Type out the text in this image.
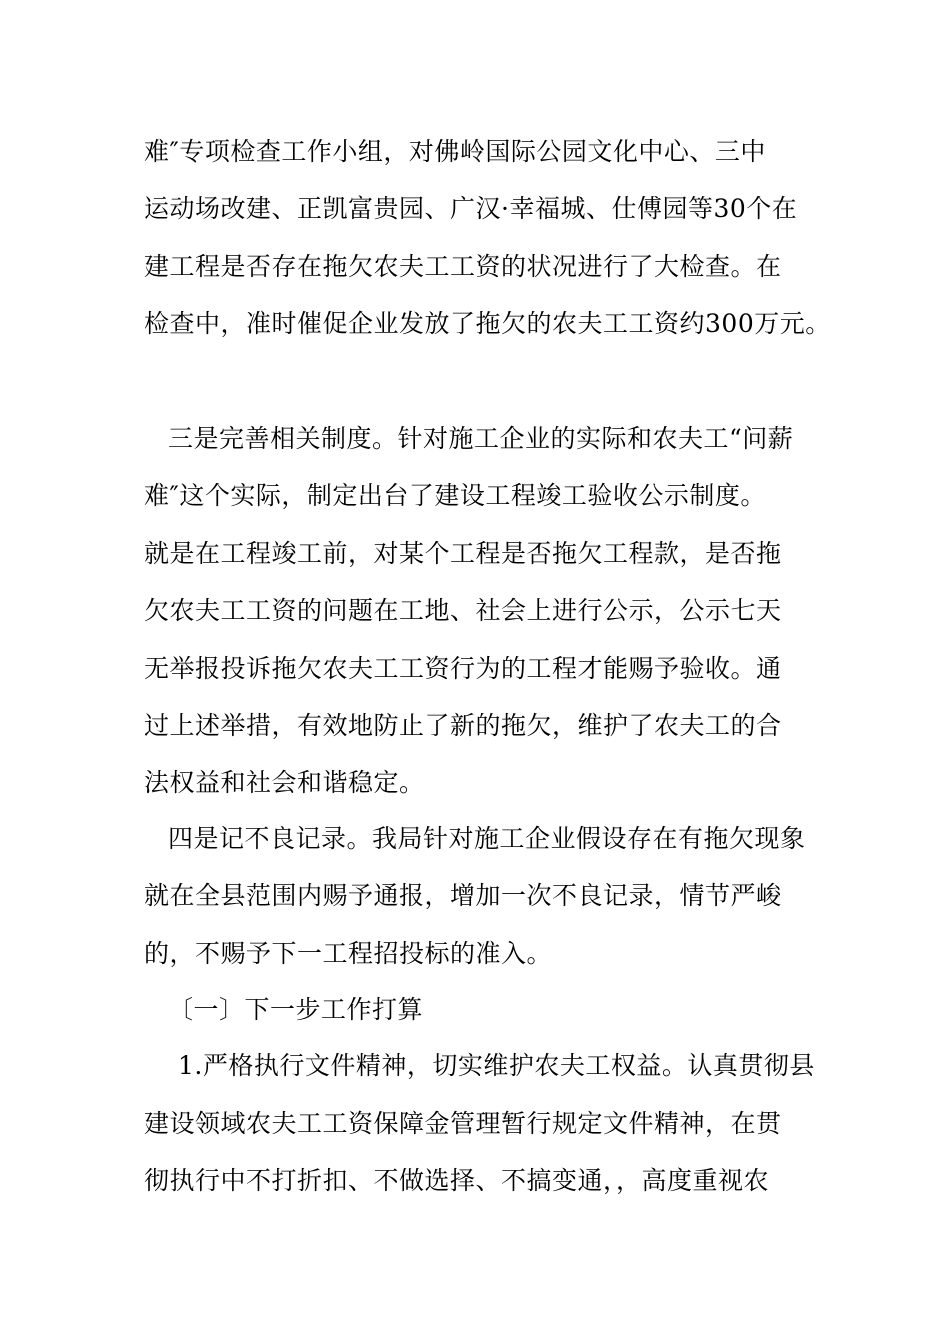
难″专项检查工作小组，对佛岭国际公园文化中心、三中
运动场改建、正凯富贵园、广汉·幸福城、仕傅园等30个在
建工程是否存在拖欠农夫工工资的状况进行了大检查。在
检查中，准时催促企业发放了拖欠的农夫工工资约300万元。
三是完善相关制度。针对施工企业的实际和农夫工“问薪
难″这个实际，制定出台了建设工程竣工验收公示制度。
就是在工程竣工前，对某个工程是否拖欠工程款，是否拖
欠农夫工工资的问题在工地、社会上进行公示，公示七天
无举报投诉拖欠农夫工工资行为的工程才能赐予验收。通
过上述举措，有效地防止了新的拖欠，维护了农夫工的合
法权益和社会和谐稳定。
四是记不良记录。我局针对施工企业假设存在有拖欠现象
就在全县范围内赐予通报，增加一次不良记录，情节严峻
的，不赐予下一工程招投标的准入。
〔一〕下一步工作打算
1.严格执行文件精神，切实维护农夫工权益。认真贯彻县
建设领域农夫工工资保障金管理暂行规定文件精神，在贯
彻执行中不打折扣、不做选择、不搞变通，，高度重视农
